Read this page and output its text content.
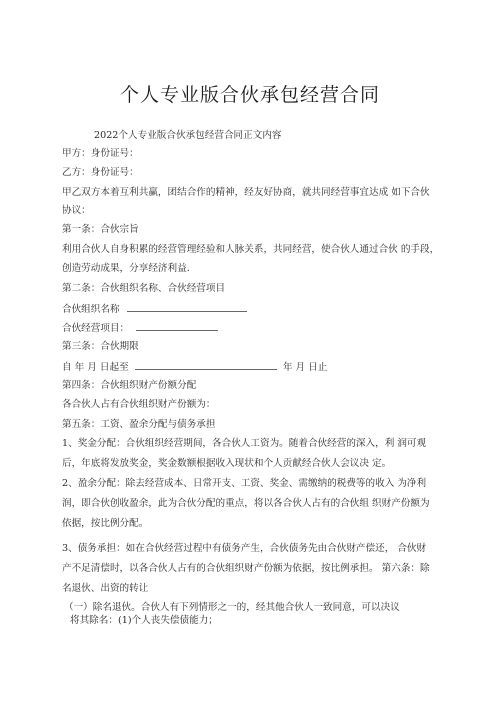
个人专业版合伙承包经营合同
2022个人专业版合伙承包经营合同正文内容
甲方：身份证号：
乙方：身份证号：
甲乙双方本着互利共赢，团结合作的精神，经友好协商，就共同经营事宜达成 如下合伙
协议：
第一条：合伙宗旨
利用合伙人自身积累的经营管理经验和人脉关系，共同经营，使合伙人通过合伙 的手段，
创造劳动成果，分享经济利益.
第二条：合伙组织名称、合伙经营项目
合伙组织名称
合伙经营项目：
第三条：合伙期限
自 年 月 日起至	年 月 日止
第四条：合伙组织财产份额分配
各合伙人占有合伙组织财产份额为：
第五条：工资、盈余分配与债务承担
1、奖金分配：合伙组织经营期间，各合伙人工资为。随着合伙经营的深入，利 润可观
后，年底将发放奖金，奖金数额根据收入现状和个人贡献经合伙人会议决 定。
2、盈余分配：除去经营成本、日常开支、工资、奖金、需缴纳的税费等的收入 为净利
润，即合伙创收盈余，此为合伙分配的重点，将以各合伙人占有的合伙组 织财产份额为
依据，按比例分配。
3、债务承担：如在合伙经营过程中有债务产生，合伙债务先由合伙财产偿还， 合伙财
产不足清偿时，以各合伙人占有的合伙组织财产份额为依据，按比例承担。 第六条：除
名退伙、出资的转让
（一）除名退伙。合伙人有下列情形之一的，经其他合伙人一致同意，可以决议
将其除名：(1)个人丧失偿债能力；
